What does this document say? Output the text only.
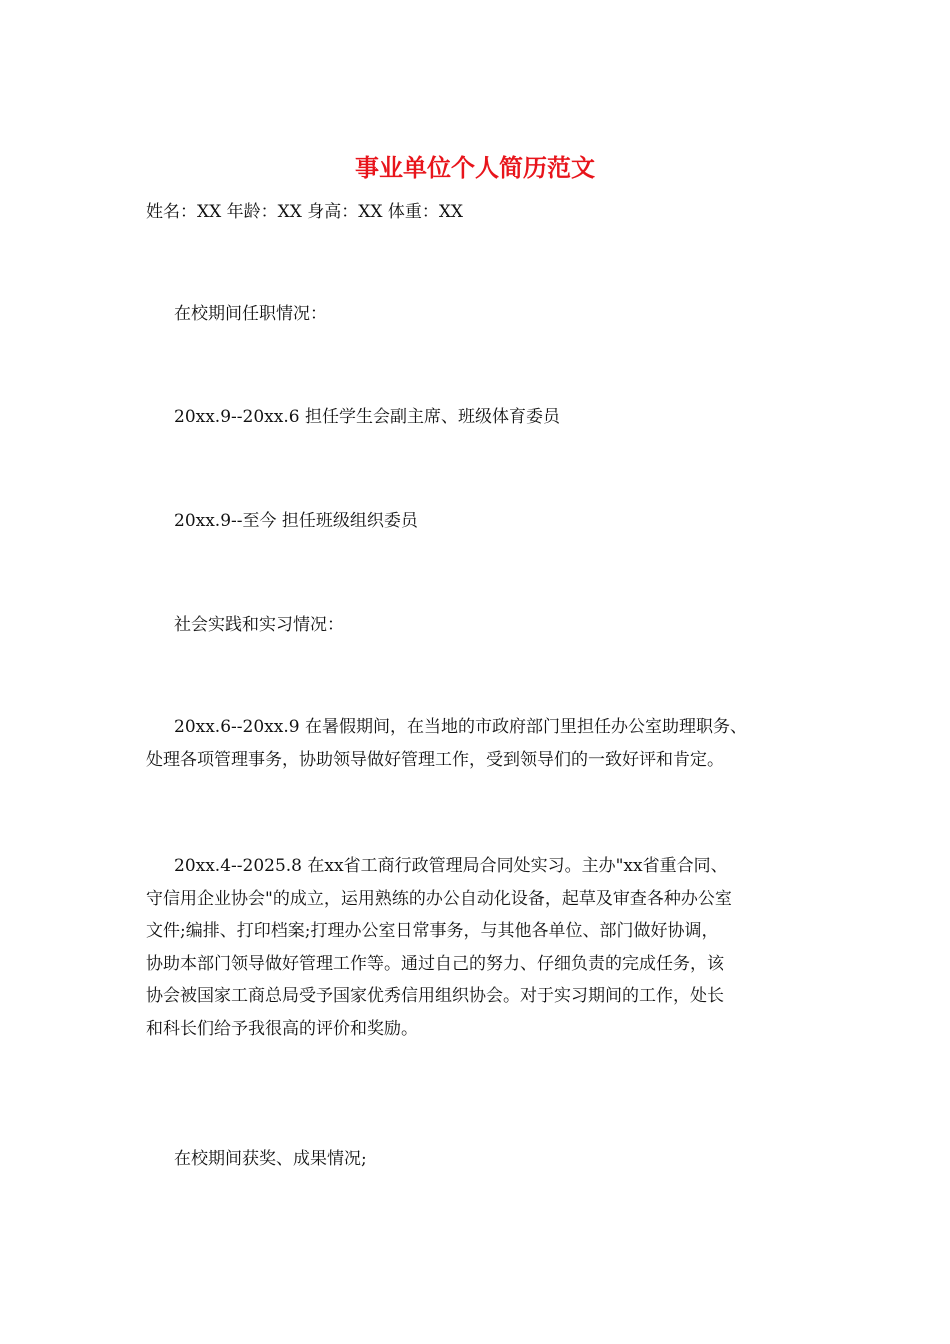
事业单位个人简历范文
姓名：XX 年龄：XX 身高：XX 体重：XX
在校期间任职情况：
20xx.9--20xx.6 担任学生会副主席、班级体育委员
20xx.9--至今 担任班级组织委员
社会实践和实习情况：
20xx.6--20xx.9 在暑假期间，在当地的市政府部门里担任办公室助理职务、
处理各项管理事务，协助领导做好管理工作，受到领导们的一致好评和肯定。
20xx.4--2025.8 在xx省工商行政管理局合同处实习。主办"xx省重合同、
守信用企业协会"的成立，运用熟练的办公自动化设备，起草及审查各种办公室
文件;编排、打印档案;打理办公室日常事务，与其他各单位、部门做好协调，
协助本部门领导做好管理工作等。通过自己的努力、仔细负责的完成任务，该
协会被国家工商总局受予国家优秀信用组织协会。对于实习期间的工作，处长
和科长们给予我很高的评价和奖励。
在校期间获奖、成果情况;
